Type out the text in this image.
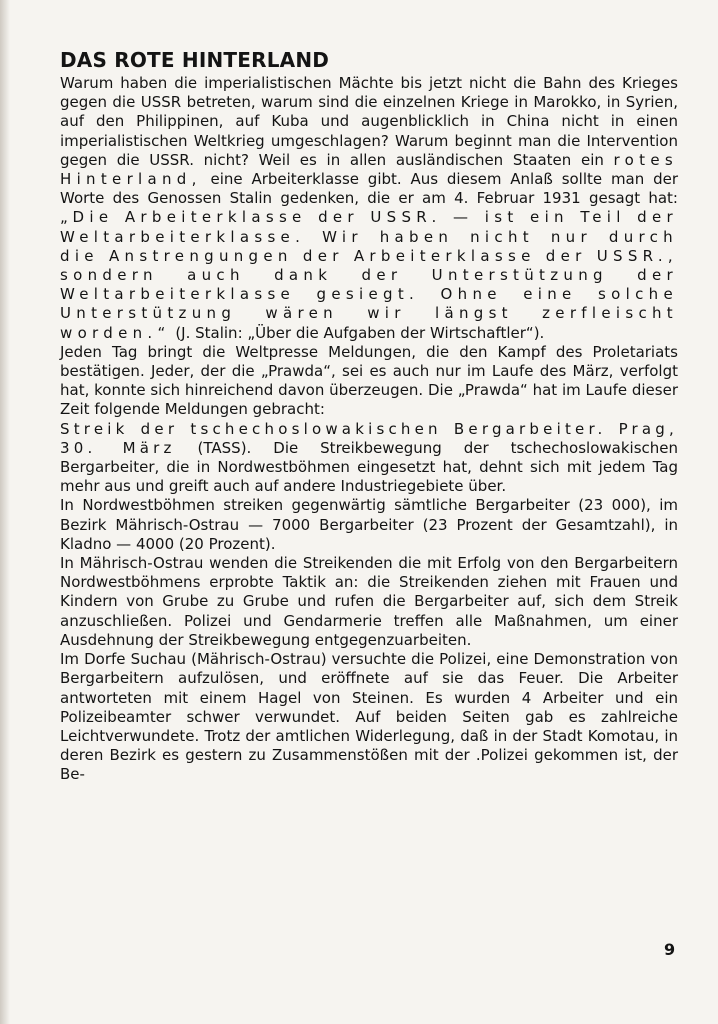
DAS ROTE HINTERLAND

Warum haben die imperialistischen Mächte bis jetzt nicht die Bahn des Krieges gegen die USSR betreten, warum sind die einzelnen Kriege in Marokko, in Syrien, auf den Philippinen, auf Kuba und augenblicklich in China nicht in einen imperialistischen Weltkrieg umgeschlagen? Warum beginnt man die Intervention gegen die USSR. nicht? Weil es in allen ausländischen Staaten ein rotes Hinterland, eine Arbeiterklasse gibt. Aus diesem Anlaß sollte man der Worte des Genossen Stalin gedenken, die er am 4. Februar 1931 gesagt hat: „Die Arbeiterklasse der USSR. — ist ein Teil der Weltarbeiterklasse. Wir haben nicht nur durch die Anstrengungen der Arbeiterklasse der USSR., sondern auch dank der Unterstützung der Weltarbeiterklasse gesiegt. Ohne eine solche Unterstützung wären wir längst zerfleischt worden.“ (J. Stalin: „Über die Aufgaben der Wirtschaftler“).

Jeden Tag bringt die Weltpresse Meldungen, die den Kampf des Proletariats bestätigen. Jeder, der die „Prawda“, sei es auch nur im Laufe des März, verfolgt hat, konnte sich hinreichend davon überzeugen. Die „Prawda“ hat im Laufe dieser Zeit folgende Meldungen gebracht:

Streik der tschechoslowakischen Bergarbeiter. Prag, 30. März (TASS). Die Streikbewegung der tschechoslowakischen Bergarbeiter, die in Nordwestböhmen eingesetzt hat, dehnt sich mit jedem Tag mehr aus und greift auch auf andere Industriegebiete über.

In Nordwestböhmen streiken gegenwärtig sämtliche Bergarbeiter (23 000), im Bezirk Mährisch-Ostrau — 7000 Bergarbeiter (23 Prozent der Gesamtzahl), in Kladno — 4000 (20 Prozent).

In Mährisch-Ostrau wenden die Streikenden die mit Erfolg von den Bergarbeitern Nordwestböhmens erprobte Taktik an: die Streikenden ziehen mit Frauen und Kindern von Grube zu Grube und rufen die Bergarbeiter auf, sich dem Streik anzuschließen. Polizei und Gendarmerie treffen alle Maßnahmen, um einer Ausdehnung der Streikbewegung entgegenzuarbeiten.

Im Dorfe Suchau (Mährisch-Ostrau) versuchte die Polizei, eine Demonstration von Bergarbeitern aufzulösen, und eröffnete auf sie das Feuer. Die Arbeiter antworteten mit einem Hagel von Steinen. Es wurden 4 Arbeiter und ein Polizeibeamter schwer verwundet. Auf beiden Seiten gab es zahlreiche Leichtverwundete. Trotz der amtlichen Widerlegung, daß in der Stadt Komotau, in deren Bezirk es gestern zu Zusammenstößen mit der .Polizei gekommen ist, der Be-

9
